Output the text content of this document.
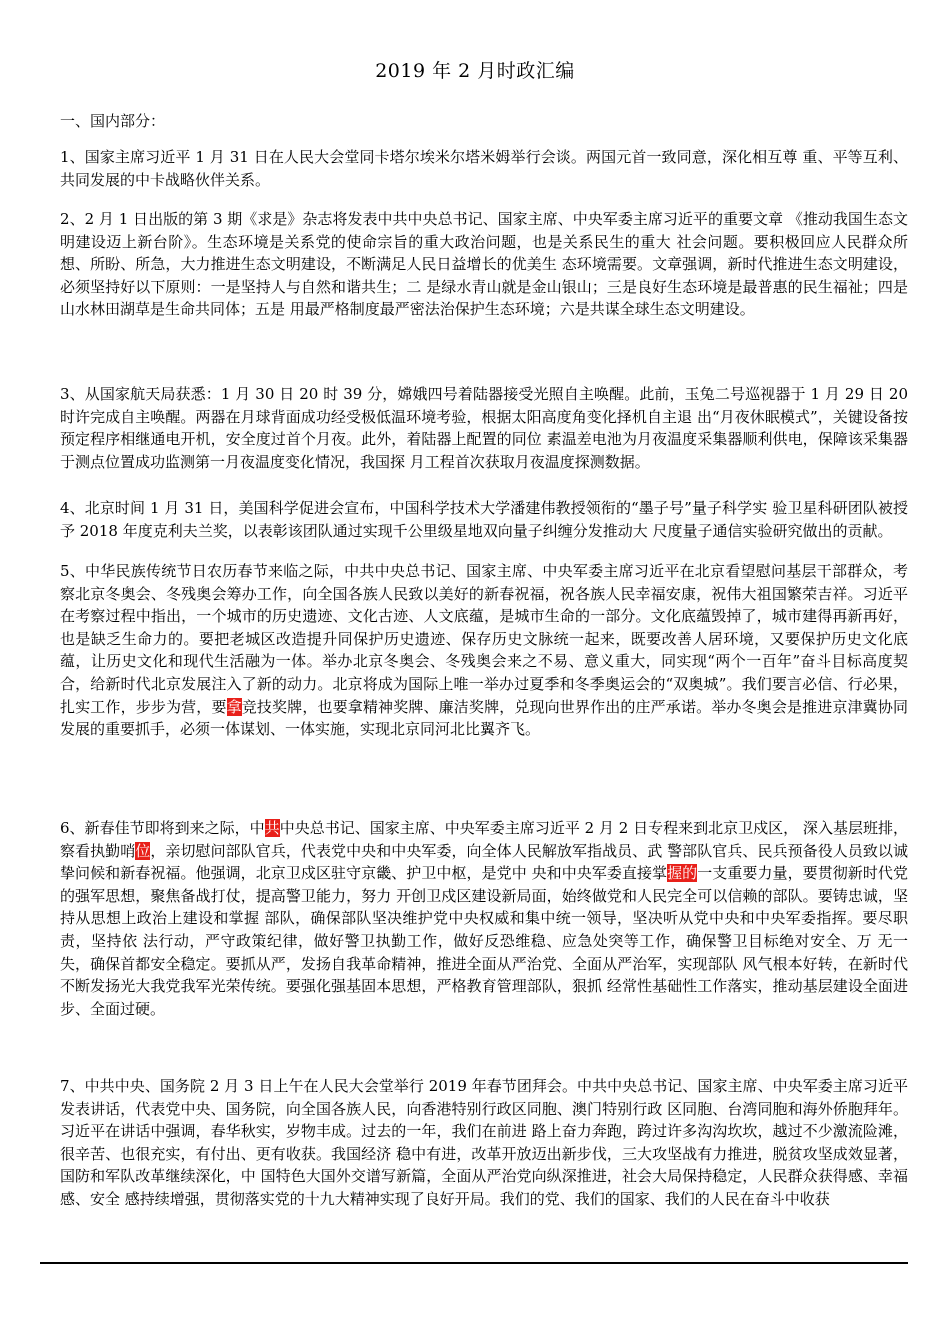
2019 年 2 月时政汇编
一、国内部分：

1、国家主席习近平 1 月 31 日在人民大会堂同卡塔尔埃米尔塔米姆举行会谈。两国元首一致同意，深化相互尊 重、平等互利、共同发展的中卡战略伙伴关系。

2、2 月 1 日出版的第 3 期《求是》杂志将发表中共中央总书记、国家主席、中央军委主席习近平的重要文章 《推动我国生态文明建设迈上新台阶》。生态环境是关系党的使命宗旨的重大政治问题，也是关系民生的重大 社会问题。要积极回应人民群众所想、所盼、所急，大力推进生态文明建设，不断满足人民日益增长的优美生 态环境需要。文章强调，新时代推进生态文明建设，必须坚持好以下原则：一是坚持人与自然和谐共生；二 是绿水青山就是金山银山；三是良好生态环境是最普惠的民生福祉；四是山水林田湖草是生命共同体；五是 用最严格制度最严密法治保护生态环境；六是共谋全球生态文明建设。

3、从国家航天局获悉：1 月 30 日 20 时 39 分，嫦娥四号着陆器接受光照自主唤醒。此前，玉兔二号巡视器于 1 月 29 日 20 时许完成自主唤醒。两器在月球背面成功经受极低温环境考验，根据太阳高度角变化择机自主退 出“月夜休眠模式”，关键设备按预定程序相继通电开机，安全度过首个月夜。此外，着陆器上配置的同位 素温差电池为月夜温度采集器顺利供电，保障该采集器于测点位置成功监测第一月夜温度变化情况，我国探 月工程首次获取月夜温度探测数据。

4、北京时间 1 月 31 日，美国科学促进会宣布，中国科学技术大学潘建伟教授领衔的“墨子号”量子科学实 验卫星科研团队被授予 2018 年度克利夫兰奖，以表彰该团队通过实现千公里级星地双向量子纠缠分发推动大 尺度量子通信实验研究做出的贡献。

5、中华民族传统节日农历春节来临之际，中共中央总书记、国家主席、中央军委主席习近平在北京看望慰问基层干部群众，考察北京冬奥会、冬残奥会筹办工作，向全国各族人民致以美好的新春祝福，祝各族人民幸福安康，祝伟大祖国繁荣吉祥。习近平在考察过程中指出，一个城市的历史遗迹、文化古迹、人文底蕴，是城市生命的一部分。文化底蕴毁掉了，城市建得再新再好，也是缺乏生命力的。要把老城区改造提升同保护历史遗迹、保存历史文脉统一起来，既要改善人居环境，又要保护历史文化底蕴，让历史文化和现代生活融为一体。举办北京冬奥会、冬残奥会来之不易、意义重大，同实现“两个一百年”奋斗目标高度契合，给新时代北京发展注入了新的动力。北京将成为国际上唯一举办过夏季和冬季奥运会的“双奥城”。我们要言必信、行必果，扎实工作，步步为营，要拿竞技奖牌，也要拿精神奖牌、廉洁奖牌，兑现向世界作出的庄严承诺。举办冬奥会是推进京津冀协同发展的重要抓手，必须一体谋划、一体实施，实现北京同河北比翼齐飞。

6、新春佳节即将到来之际，中共中央总书记、国家主席、中央军委主席习近平 2 月 2 日专程来到北京卫戍区， 深入基层班排，察看执勤哨位，亲切慰问部队官兵，代表党中央和中央军委，向全体人民解放军指战员、武 警部队官兵、民兵预备役人员致以诚挚问候和新春祝福。他强调，北京卫戍区驻守京畿、护卫中枢，是党中 央和中央军委直接掌握的一支重要力量，要贯彻新时代党的强军思想，聚焦备战打仗，提高警卫能力，努力 开创卫戍区建设新局面，始终做党和人民完全可以信赖的部队。要铸忠诚，坚持从思想上政治上建设和掌握 部队，确保部队坚决维护党中央权威和集中统一领导，坚决听从党中央和中央军委指挥。要尽职责，坚持依 法行动，严守政策纪律，做好警卫执勤工作，做好反恐维稳、应急处突等工作，确保警卫目标绝对安全、万 无一失，确保首都安全稳定。要抓从严，发扬自我革命精神，推进全面从严治党、全面从严治军，实现部队 风气根本好转，在新时代不断发扬光大我党我军光荣传统。要强化强基固本思想，严格教育管理部队，狠抓 经常性基础性工作落实，推动基层建设全面进步、全面过硬。

7、中共中央、国务院 2 月 3 日上午在人民大会堂举行 2019 年春节团拜会。中共中央总书记、国家主席、中央军委主席习近平发表讲话，代表党中央、国务院，向全国各族人民，向香港特别行政区同胞、澳门特别行政 区同胞、台湾同胞和海外侨胞拜年。习近平在讲话中强调，春华秋实，岁物丰成。过去的一年，我们在前进 路上奋力奔跑，跨过许多沟沟坎坎，越过不少激流险滩，很辛苦、也很充实，有付出、更有收获。我国经济 稳中有进，改革开放迈出新步伐，三大攻坚战有力推进，脱贫攻坚成效显著，国防和军队改革继续深化，中 国特色大国外交谱写新篇，全面从严治党向纵深推进，社会大局保持稳定，人民群众获得感、幸福感、安全 感持续增强，贯彻落实党的十九大精神实现了良好开局。我们的党、我们的国家、我们的人民在奋斗中收获
